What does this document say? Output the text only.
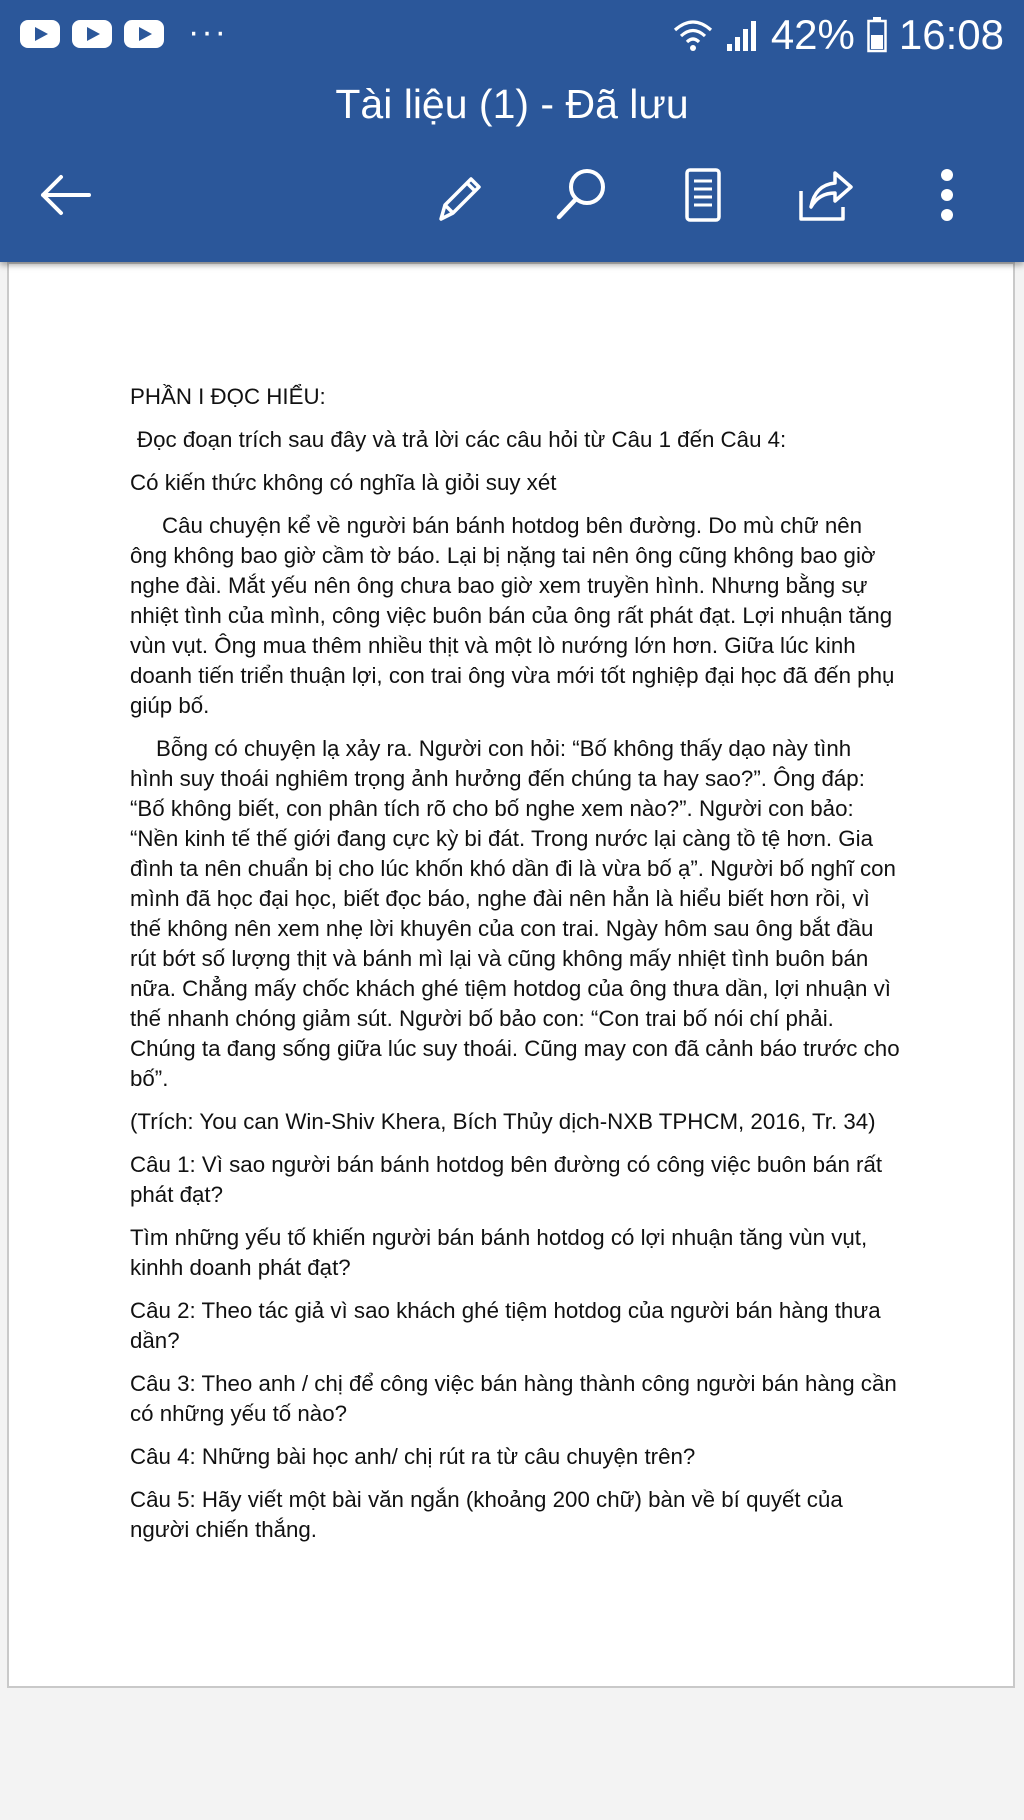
···	42% 16:08
Tài liệu (1) - Đã lưu

PHẦN I ĐỌC HIỂU:

Đọc đoạn trích sau đây và trả lời các câu hỏi từ Câu 1 đến Câu 4:

Có kiến thức không có nghĩa là giỏi suy xét

Câu chuyện kể về người bán bánh hotdog bên đường. Do mù chữ nên ông không bao giờ cầm tờ báo. Lại bị nặng tai nên ông cũng không bao giờ nghe đài. Mắt yếu nên ông chưa bao giờ xem truyền hình. Nhưng bằng sự nhiệt tình của mình, công việc buôn bán của ông rất phát đạt. Lợi nhuận tăng vùn vụt. Ông mua thêm nhiều thịt và một lò nướng lớn hơn. Giữa lúc kinh doanh tiến triển thuận lợi, con trai ông vừa mới tốt nghiệp đại học đã đến phụ giúp bố.

Bỗng có chuyện lạ xảy ra. Người con hỏi: “Bố không thấy dạo này tình hình suy thoái nghiêm trọng ảnh hưởng đến chúng ta hay sao?”. Ông đáp: “Bố không biết, con phân tích rõ cho bố nghe xem nào?”. Người con bảo: “Nền kinh tế thế giới đang cực kỳ bi đát. Trong nước lại càng tồ tệ hơn. Gia đình ta nên chuẩn bị cho lúc khốn khó dần đi là vừa bố ạ”. Người bố nghĩ con mình đã học đại học, biết đọc báo, nghe đài nên hẳn là hiểu biết hơn rồi, vì thế không nên xem nhẹ lời khuyên của con trai. Ngày hôm sau ông bắt đầu rút bớt số lượng thịt và bánh mì lại và cũng không mấy nhiệt tình buôn bán nữa. Chẳng mấy chốc khách ghé tiệm hotdog của ông thưa dần, lợi nhuận vì thế nhanh chóng giảm sút. Người bố bảo con: “Con trai bố nói chí phải. Chúng ta đang sống giữa lúc suy thoái. Cũng may con đã cảnh báo trước cho bố”.

(Trích: You can Win-Shiv Khera, Bích Thủy dịch-NXB TPHCM, 2016, Tr. 34)

Câu 1: Vì sao người bán bánh hotdog bên đường có công việc buôn bán rất phát đạt?

Tìm những yếu tố khiến người bán bánh hotdog có lợi nhuận tăng vùn vụt, kinhh doanh phát đạt?

Câu 2: Theo tác giả vì sao khách ghé tiệm hotdog của người bán hàng thưa dần?

Câu 3: Theo anh / chị để công việc bán hàng thành công người bán hàng cần có những yếu tố nào?

Câu 4: Những bài học anh/ chị rút ra từ câu chuyện trên?

Câu 5: Hãy viết một bài văn ngắn (khoảng 200 chữ) bàn về bí quyết của người chiến thắng.
